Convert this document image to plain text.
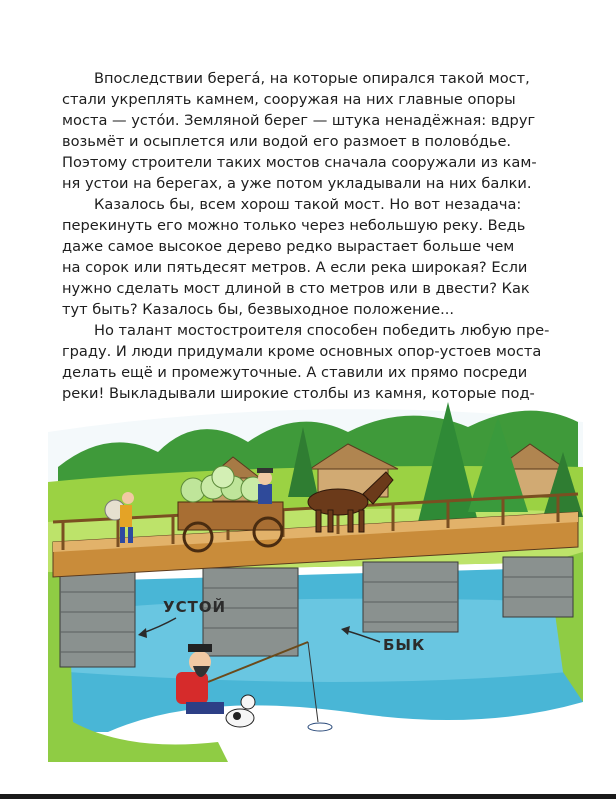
Впоследствии берегá, на которые опирался такой мост,
стали укреплять камнем, сооружая на них главные опоры
моста — устóи. Земляной берег — штука ненадёжная: вдруг
возьмёт и осыплется или водой его размоет в половóдье.
Поэтому строители таких мостов сначала сооружали из кам-
ня устои на берегах, а уже потом укладывали на них балки.

Казалось бы, всем хорош такой мост. Но вот незадача:
перекинуть его можно только через небольшую реку. Ведь
даже самое высокое дерево редко вырастает больше чем
на сорок или пятьдесят метров. А если река широкая? Если
нужно сделать мост длиной в сто метров или в двести? Как
тут быть? Казалось бы, безвыходное положение...

Но талант мостостроителя способен победить любую пре-
граду. И люди придумали кроме основных опор-устоев моста
делать ещё и промежуточные. А ставили их прямо посреди
реки! Выкладывали широкие столбы из камня, которые под-

УСТОЙ
БЫК
